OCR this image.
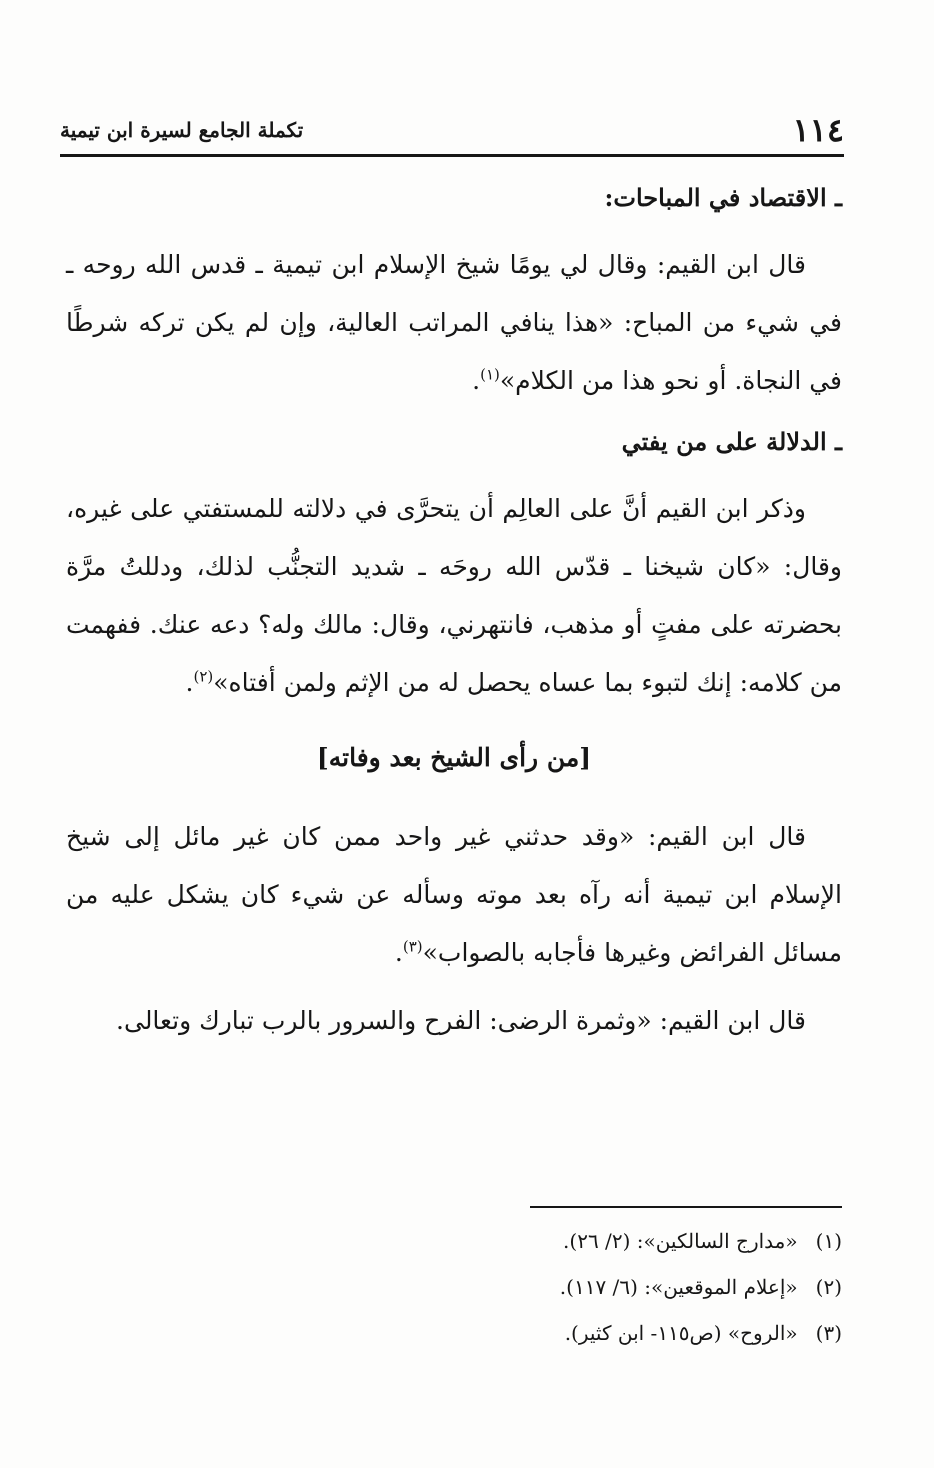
١١٤
تكملة الجامع لسيرة ابن تيمية

ـ الاقتصاد في المباحات:

قال ابن القيم: وقال لي يومًا شيخ الإسلام ابن تيمية ـ قدس الله روحه ـ في شيء من المباح: «هذا ينافي المراتب العالية، وإن لم يكن تركه شرطًا في النجاة. أو نحو هذا من الكلام»$^{(١)}$.

ـ الدلالة على من يفتي

وذكر ابن القيم أنَّ على العالِم أن يتحرَّى في دلالته للمستفتي على غيره، وقال: «كان شيخنا ـ قدّس الله روحَه ـ شديد التجنُّب لذلك، ودللتُ مرَّة بحضرته على مفتٍ أو مذهب، فانتهرني، وقال: مالك وله؟ دعه عنك. ففهمت من كلامه: إنك لتبوء بما عساه يحصل له من الإثم ولمن أفتاه»$^{(٢)}$.

[من رأى الشيخ بعد وفاته]

قال ابن القيم: «وقد حدثني غير واحد ممن كان غير مائل إلى شيخ الإسلام ابن تيمية أنه رآه بعد موته وسأله عن شيء كان يشكل عليه من مسائل الفرائض وغيرها فأجابه بالصواب»$^{(٣)}$.

قال ابن القيم: «وثمرة الرضى: الفرح والسرور بالرب تبارك وتعالى.

(١)
«مدارج السالكين»: (٢/ ٢٦).
(٢)
«إعلام الموقعين»: (٦/ ١١٧).
(٣)
«الروح» (ص١١٥- ابن كثير).
